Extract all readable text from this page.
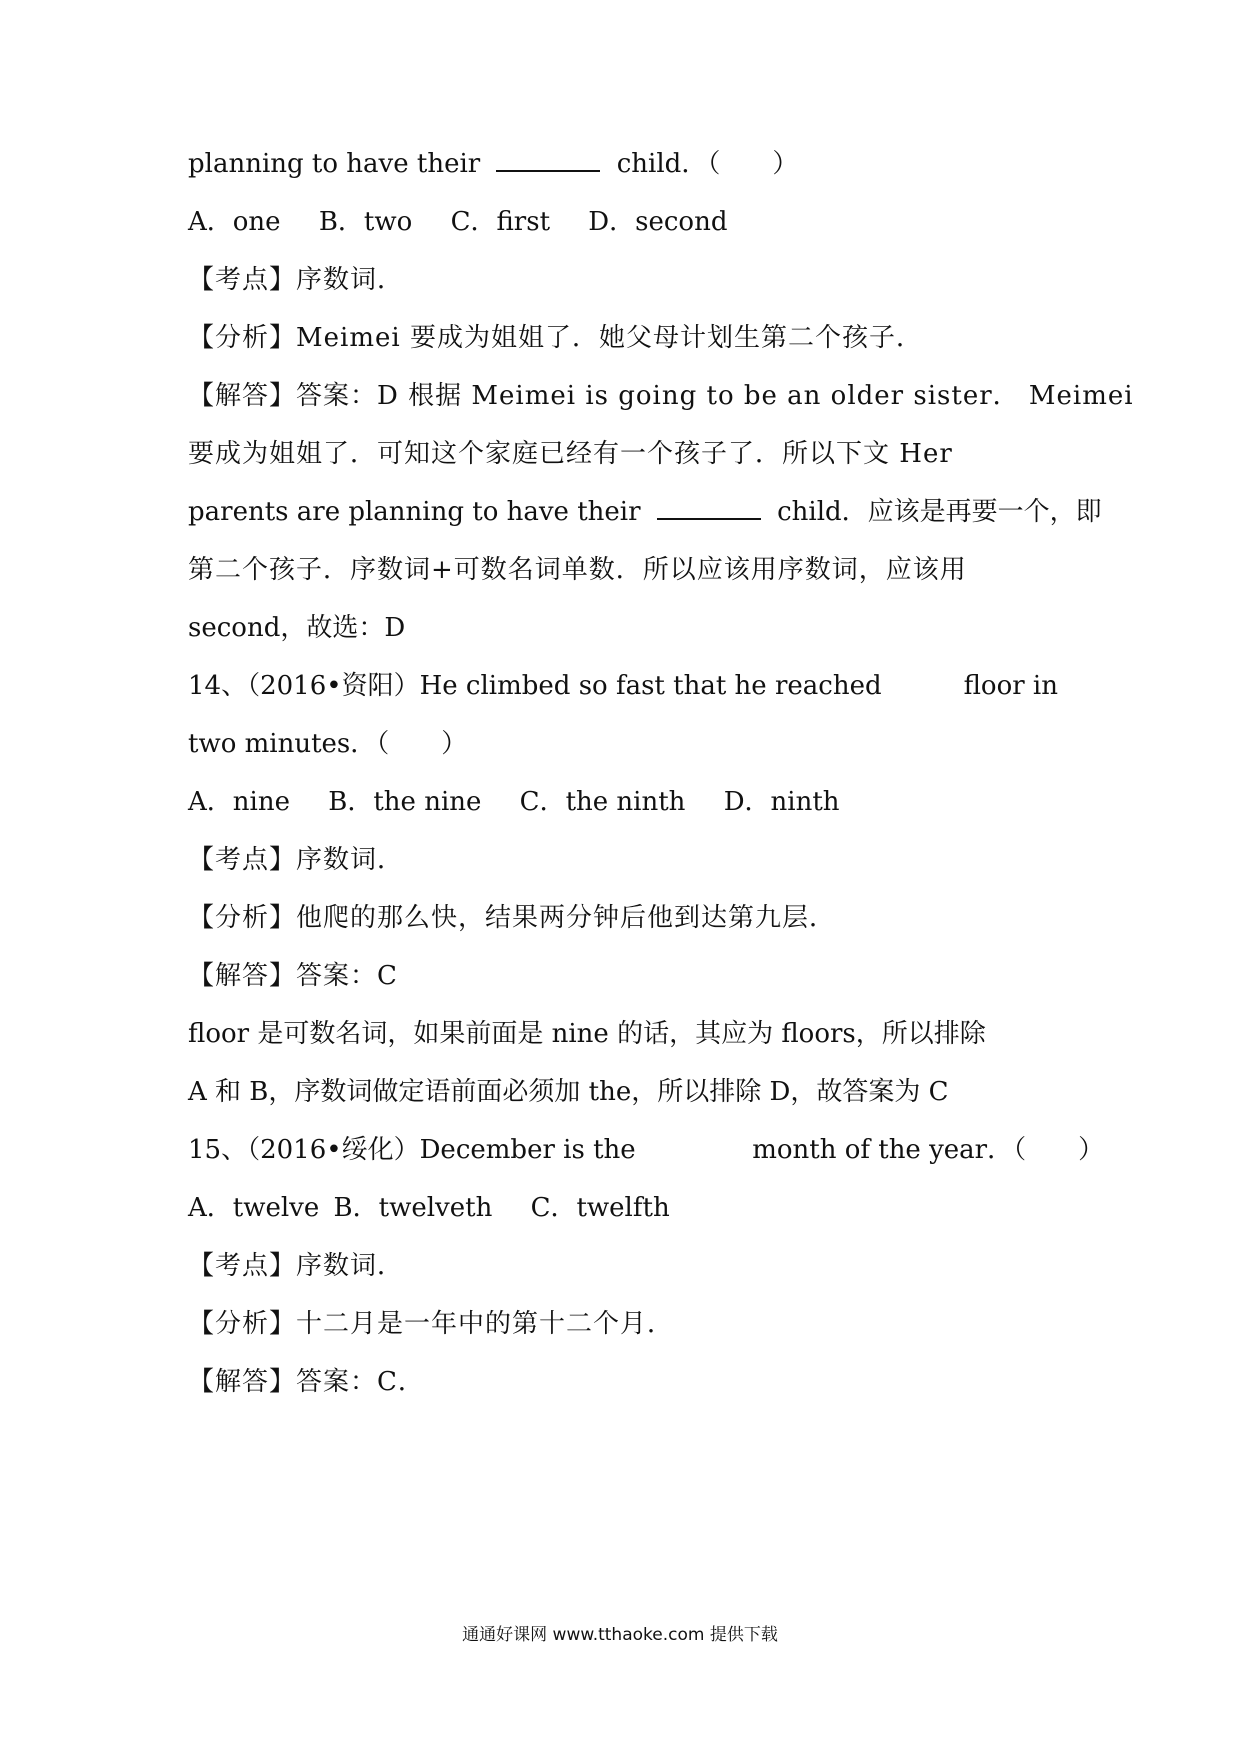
planning to have their	child．（　　）
A．one B．two C．first D．second
【考点】序数词．
【分析】Meimei 要成为姐姐了．她父母计划生第二个孩子．
【解答】答案：D 根据 Meimei is going to be an older sister． Meimei
要成为姐姐了．可知这个家庭已经有一个孩子了．所以下文 Her
parents are planning to have their	child．应该是再要一个，即
第二个孩子．序数词+可数名词单数．所以应该用序数词，应该用
second，故选：D
14、（2016•资阳）He climbed so fast that he reached	floor in
two minutes．（　　）
A．nine B．the nine C．the ninth D．ninth
【考点】序数词．
【分析】他爬的那么快，结果两分钟后他到达第九层．
【解答】答案：C
floor 是可数名词，如果前面是 nine 的话，其应为 floors，所以排除
A 和 B，序数词做定语前面必须加 the，所以排除 D，故答案为 C
15、（2016•绥化）December is the	month of the year．（　　）
A．twelve B．twelveth C．twelfth
【考点】序数词．
【分析】十二月是一年中的第十二个月．
【解答】答案：C．
通通好课网 www.tthaoke.com 提供下载
